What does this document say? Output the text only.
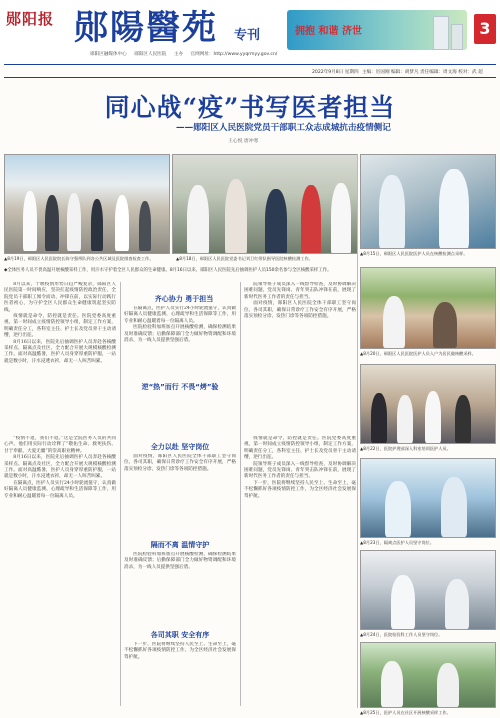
郧阳报 郧陽醫苑 专刊
郧阳区融媒体中心 郧阳区人民医院 主办 官网网址：http://www.yyqrmyy.gov.cn/
拥抱 和谐 济世	3
2022年9月8日 星期四 主编：厉国刚 编辑：胡梦凡 责任编辑：周文海 校对：武 超
同心战“疫”书写医者担当
——郧阳区人民医院党员干部职工众志成城抗击疫情侧记
王心悦 唐冲寒
▲8月19日，郧阳区人民医院院长陈守强带队到各公共区域及医院排查检查工作。	▲8月18日，郧阳区人民医院党委书记刘卫红带队指导医院核酸检测工作。
▲8月15日，郧阳区人民医院医护人员在核酸检测点采样。
◆全体医务人员不畏高温开展核酸采样工作，用汗水守护着全区人民群众的生命健康。8月16日以来，郧阳区人民医院先后抽调医护人员150余名参与全区核酸采样工作。

8月以来，十堰疫情形势日趋严峻复杂，郧阳区人民医院第一时间响应，坚决扛起疫情防控政治责任，全院党员干部职工闻令而动、冲锋在前，以实际行动践行医者初心，为守护全区人民群众生命健康筑起坚实防线。

疫情就是命令，防控就是责任。医院党委高度重视，第一时间成立疫情防控领导小组，制定工作方案，明确责任分工，各科室主任、护士长及党员骨干主动请缨，逆行出征。

8月16日以来，医院先后抽调医护人员奔赴各核酸采样点、隔离点及社区，全力配合开展大规模核酸检测工作。面对高温酷暑，医护人员身穿厚重防护服，一站就是数小时，汗水浸透衣衫，却无一人叫苦叫累。

齐心协力 勇于担当

在隔离点，医护人员实行24小时轮流值守，认真做好隔离人员健康监测、心理疏导和生活保障等工作，用专业和耐心温暖着每一位隔离人员。

医院检验科加班加点开展核酸检测，确保检测结果及时准确反馈；后勤保障部门全力做好物资调配和环境消杀，为一线人员提供坚强后盾。

院领导班子成员深入一线督导检查，及时协调解决困难问题，党员先锋岗、青年突击队冲锋在前，展现了新时代医务工作者的责任与担当。

面对疫情，郧阳区人民医院全体干部职工坚守岗位、各司其职，确保日常诊疗工作安全有序开展，严格落实预检分诊、发热门诊等各项防控措施。

逆“热”而行 不畏“烤”验

“疫情不退，我们不退。”这是全院医务人员的共同心声。他们用实际行动诠释了“敬佑生命、救死扶伤、甘于奉献、大爱无疆”的崇高职业精神。

8月16日以来，医院先后抽调医护人员奔赴各核酸采样点、隔离点及社区，全力配合开展大规模核酸检测工作。面对高温酷暑，医护人员身穿厚重防护服，一站就是数小时，汗水浸透衣衫，却无一人叫苦叫累。

在隔离点，医护人员实行24小时轮流值守，认真做好隔离人员健康监测、心理疏导和生活保障等工作，用专业和耐心温暖着每一位隔离人员。

全力以赴 坚守岗位

面对疫情，郧阳区人民医院全体干部职工坚守岗位、各司其职，确保日常诊疗工作安全有序开展，严格落实预检分诊、发热门诊等各项防控措施。

隔而不离 温情守护

医院检验科加班加点开展核酸检测，确保检测结果及时准确反馈；后勤保障部门全力做好物资调配和环境消杀，为一线人员提供坚强后盾。

各司其职 安全有序

下一步，医院将继续坚持人民至上、生命至上，毫不松懈抓好各项疫情防控工作，为全区经济社会发展保驾护航。

疫情就是命令，防控就是责任。医院党委高度重视，第一时间成立疫情防控领导小组，制定工作方案，明确责任分工，各科室主任、护士长及党员骨干主动请缨，逆行出征。

院领导班子成员深入一线督导检查，及时协调解决困难问题，党员先锋岗、青年突击队冲锋在前，展现了新时代医务工作者的责任与担当。

下一步，医院将继续坚持人民至上、生命至上，毫不松懈抓好各项疫情防控工作，为全区经济社会发展保驾护航。

▲8月20日，郧阳区人民医院医护人员入户为居民做核酸采样。
▲8月22日，医院护理部深入科室培训医护人员。
▲8月23日，隔离点医护人员坚守岗位。
▲8月24日，医院检验科工作人员坚守岗位。
▲8月25日，医护人员在社区开展核酸采样工作。
